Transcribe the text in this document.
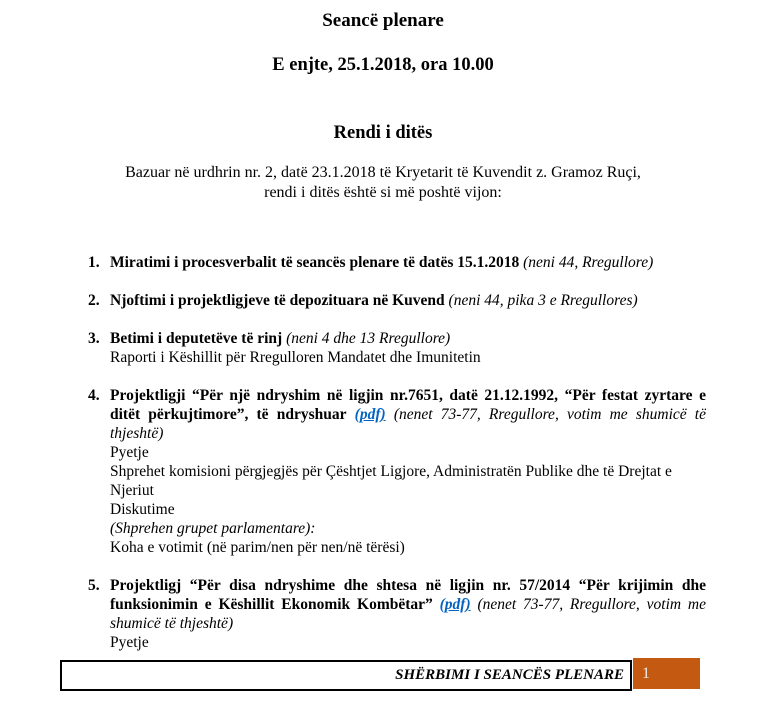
Seancë plenare
E enjte, 25.1.2018, ora 10.00
Rendi i ditës

Bazuar në urdhrin nr. 2, datë 23.1.2018 të Kryetarit të Kuvendit z. Gramoz Ruçi,
rendi i ditës është si më poshtë vijon:

1. Miratimi i procesverbalit të seancës plenare të datës 15.1.2018 (neni 44, Rregullore)

2. Njoftimi i projektligjeve të depozituara në Kuvend (neni 44, pika 3 e Rregullores)

3. Betimi i deputetëve të rinj (neni 4 dhe 13 Rregullore)

Raporti i Këshillit për Rregulloren Mandatet dhe Imunitetin
4. Projektligji “Për një ndryshim në ligjin nr.7651, datë 21.12.1992, “Për festat zyrtare e ditët përkujtimore”, të ndryshuar (pdf) (nenet 73-77, Rregullore, votim me shumicë të thjeshtë)

Pyetje
Shprehet komisioni përgjegjës për Çështjet Ligjore, Administratën Publike dhe të Drejtat e Njeriut
Diskutime
(Shprehen grupet parlamentare):
Koha e votimit (në parim/nen për nen/në tërësi)
5. Projektligj “Për disa ndryshime dhe shtesa në ligjin nr. 57/2014 “Për krijimin dhe funksionimin e Këshillit Ekonomik Kombëtar” (pdf) (nenet 73-77, Rregullore, votim me shumicë të thjeshtë)

Pyetje
SHËRBIMI I SEANCËS PLENARE	1
